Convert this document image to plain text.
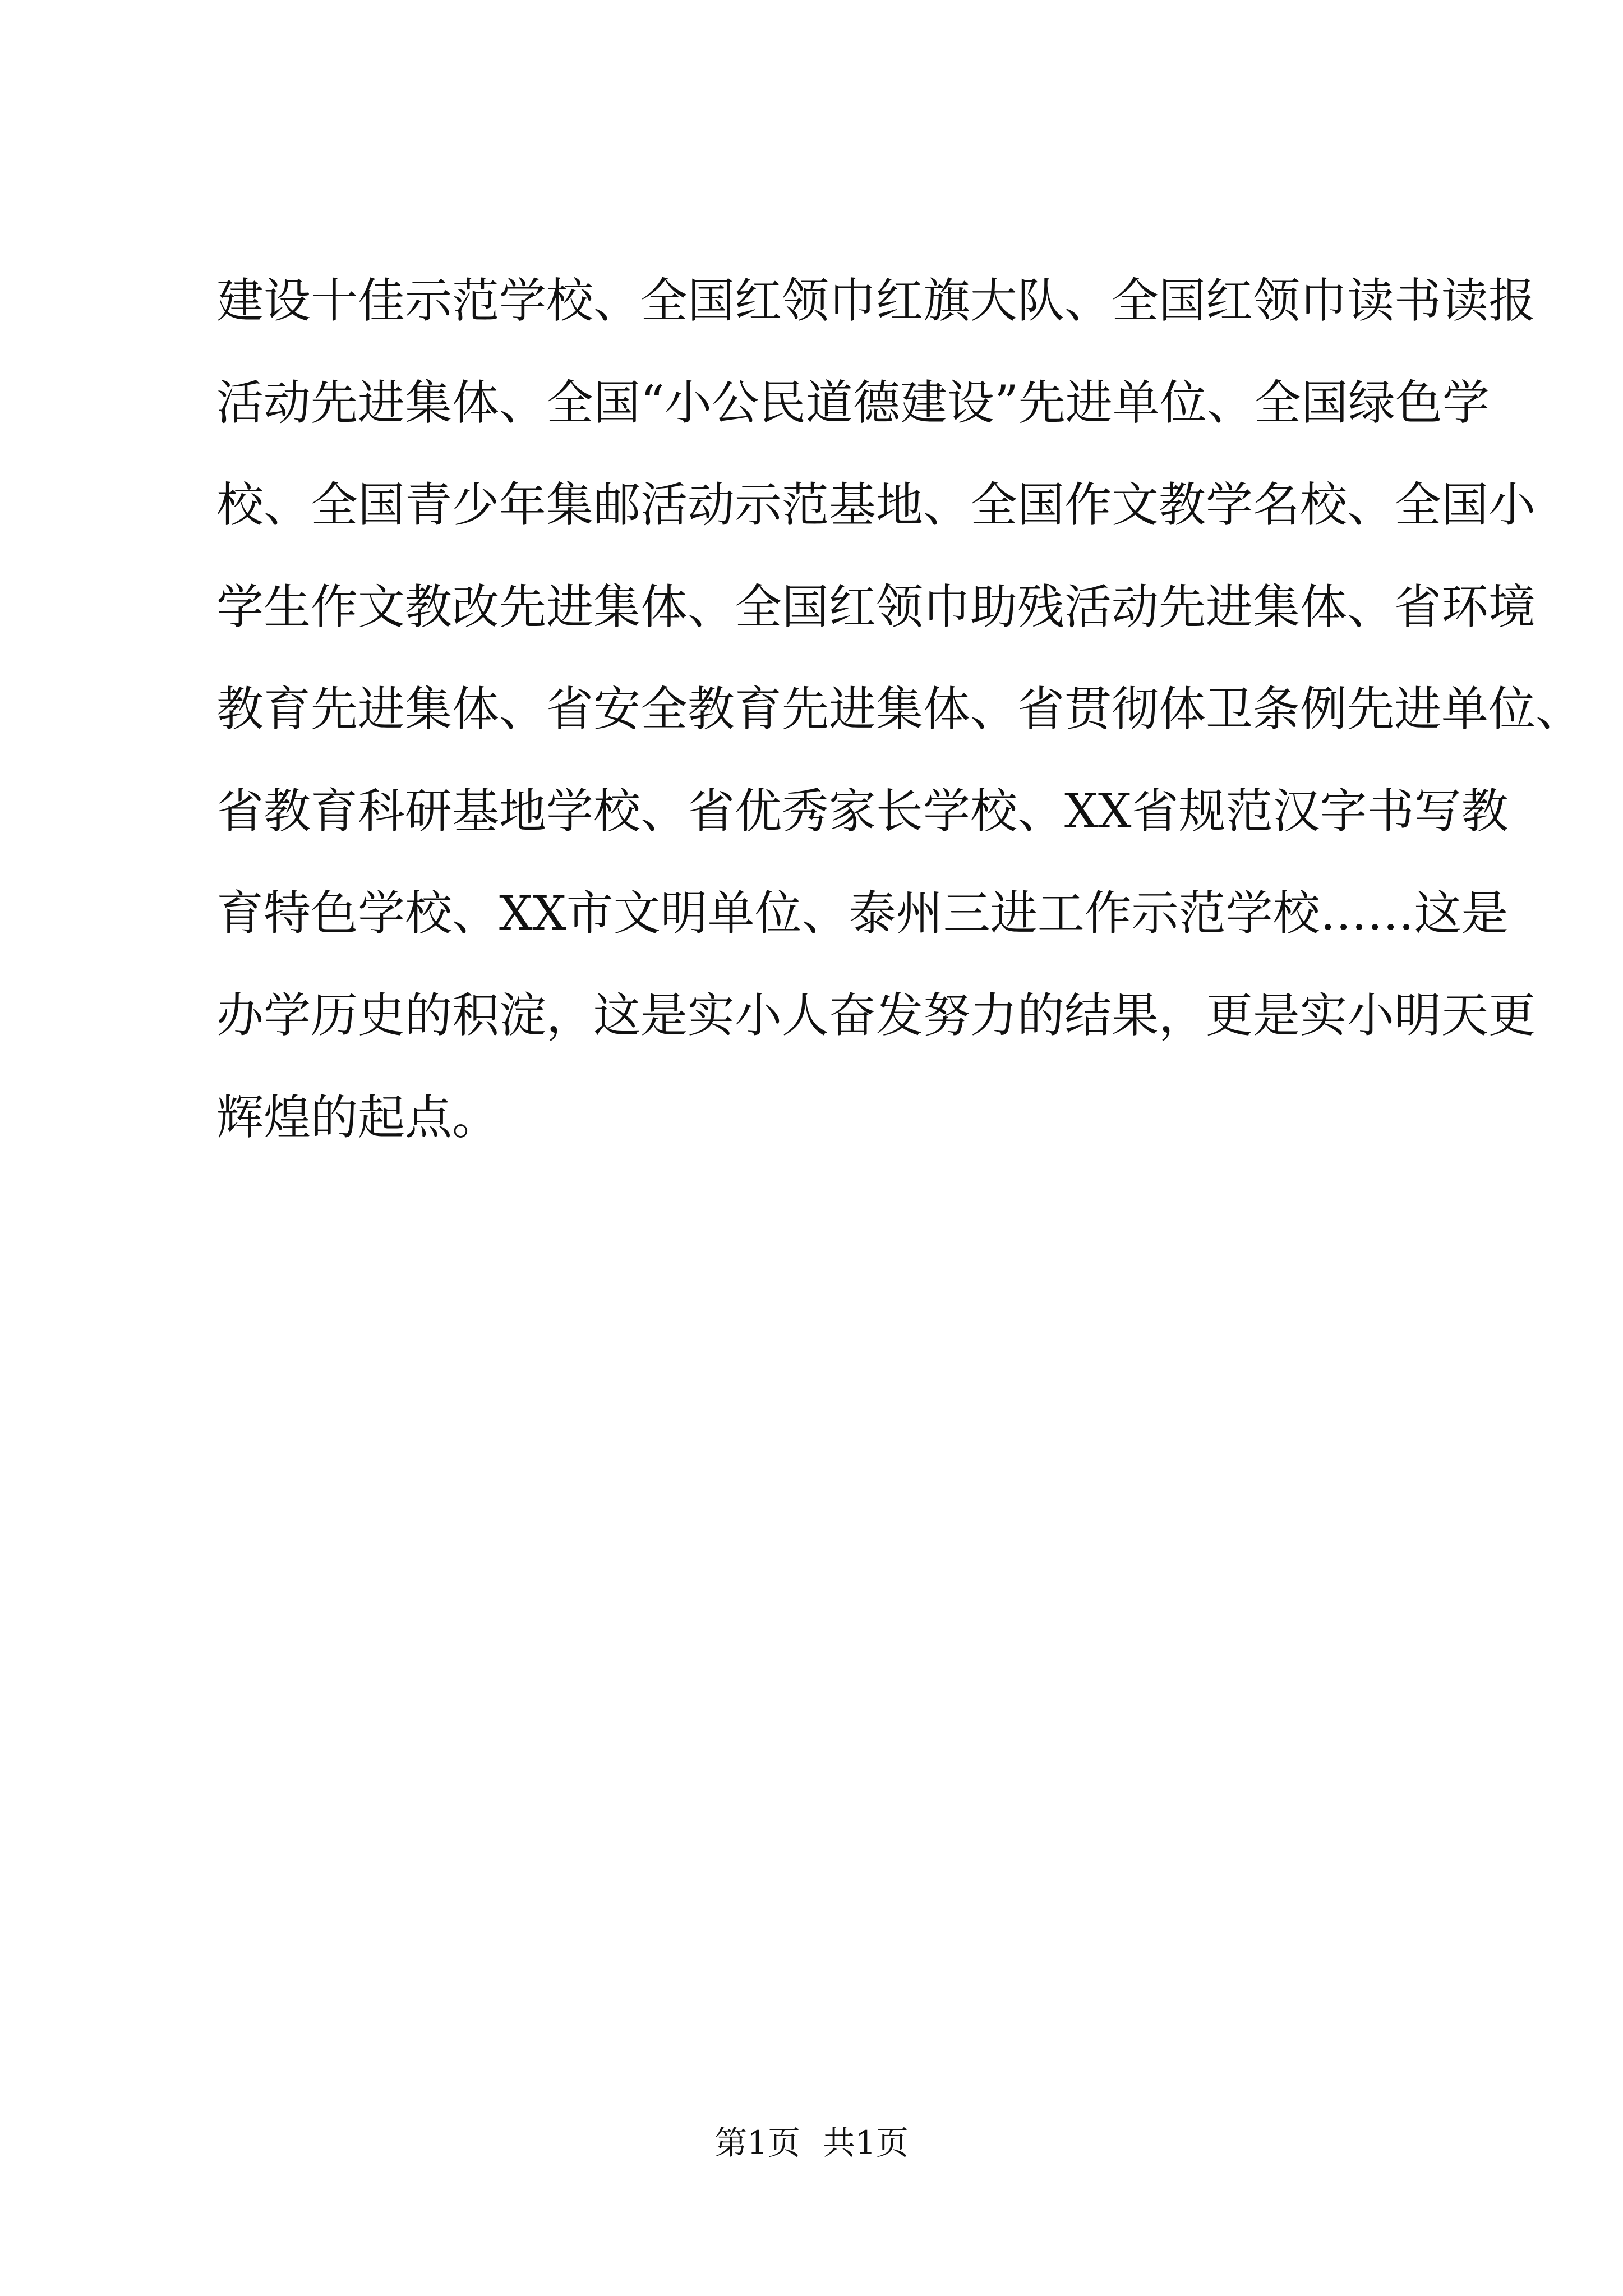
建设十佳示范学校、全国红领巾红旗大队、全国红领巾读书读报
活动先进集体、全国“小公民道德建设”先进单位、全国绿色学
校、全国青少年集邮活动示范基地、全国作文教学名校、全国小
学生作文教改先进集体、全国红领巾助残活动先进集体、省环境
教育先进集体、省安全教育先进集体、省贯彻体卫条例先进单位、
省教育科研基地学校、省优秀家长学校、XX省规范汉字书写教
育特色学校、XX市文明单位、泰州三进工作示范学校……这是
办学历史的积淀，这是实小人奋发努力的结果，更是实小明天更
辉煌的起点。
第1页 共1页
